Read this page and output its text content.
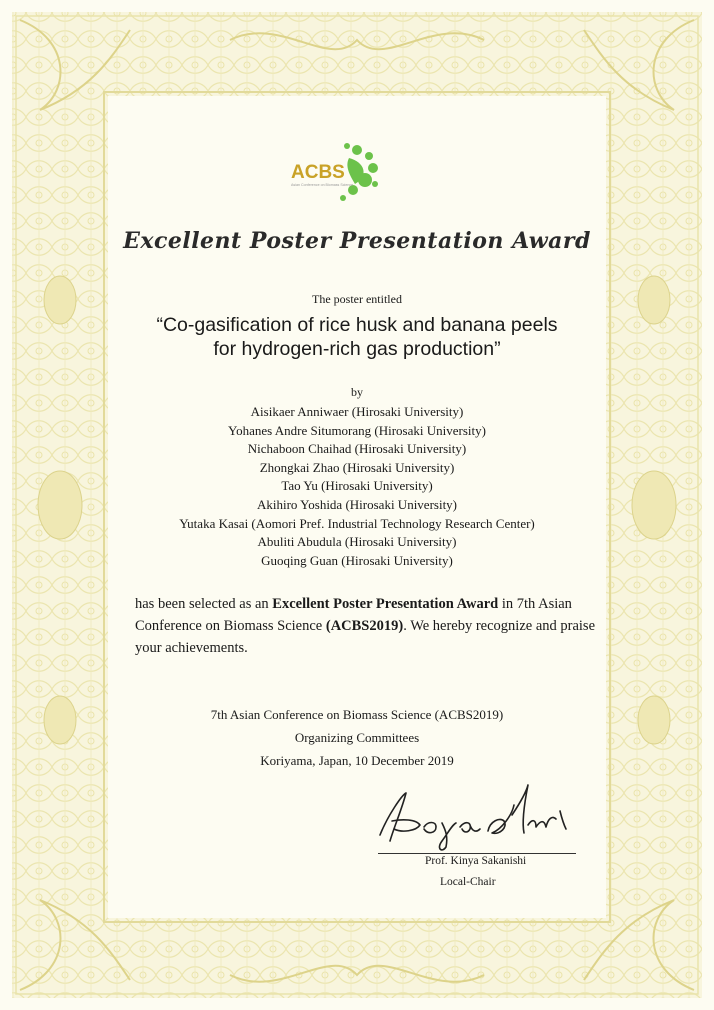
ACBS
Asian Conference on Biomass Science
Excellent Poster Presentation Award
The poster entitled
“Co-gasification of rice husk and banana peels
for hydrogen-rich gas production”
by
Aisikaer Anniwaer (Hirosaki University)
Yohanes Andre Situmorang (Hirosaki University)
Nichaboon Chaihad (Hirosaki University)
Zhongkai Zhao (Hirosaki University)
Tao Yu (Hirosaki University)
Akihiro Yoshida (Hirosaki University)
Yutaka Kasai (Aomori Pref. Industrial Technology Research Center)
Abuliti Abudula (Hirosaki University)
Guoqing Guan (Hirosaki University)
has been selected as an Excellent Poster Presentation Award in 7th Asian Conference on Biomass Science (ACBS2019). We hereby recognize and praise your achievements.
7th Asian Conference on Biomass Science (ACBS2019)
Organizing Committees
Koriyama, Japan, 10 December 2019
Prof. Kinya Sakanishi
Local-Chair
